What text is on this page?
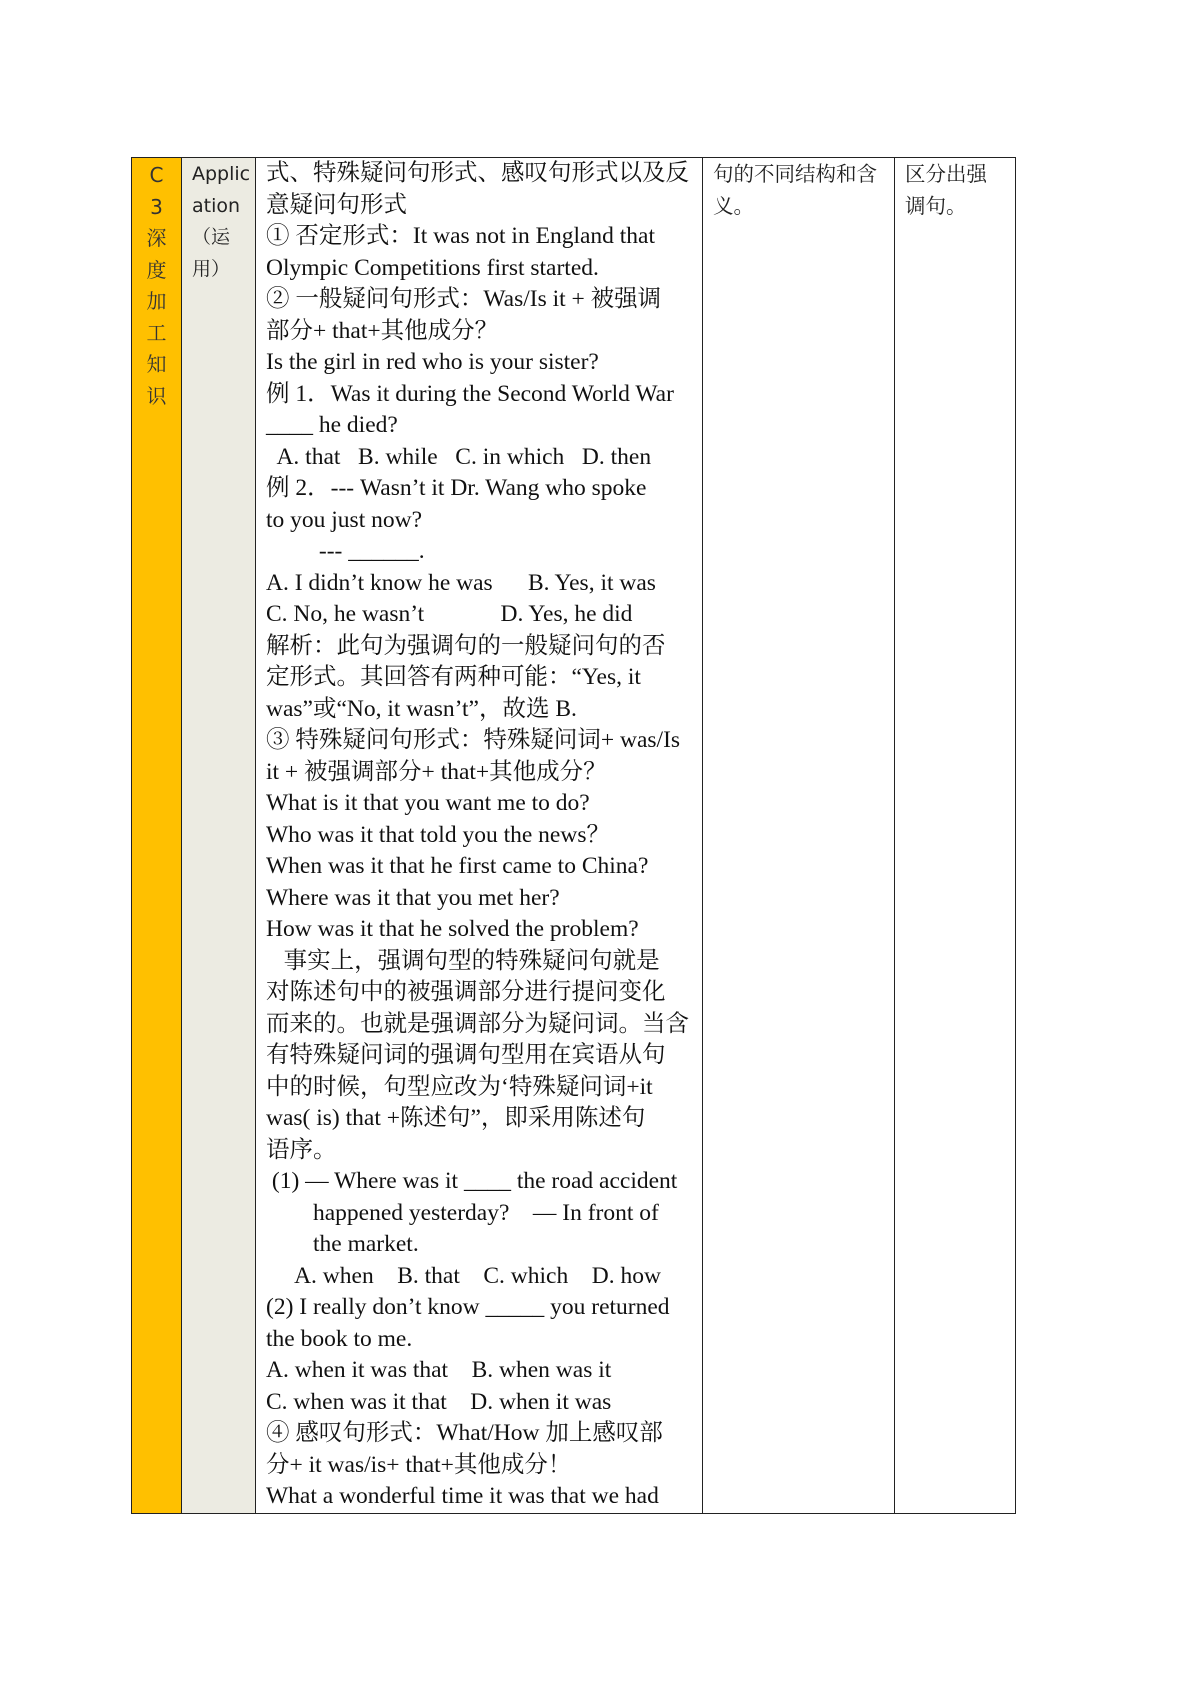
C
3
深
度
加
工
知
识

Applic
ation
（运
用）

式、特殊疑问句形式、感叹句形式以及反
意疑问句形式
① 否定形式：It was not in England that
Olympic Competitions first started.
② 一般疑问句形式：Was/Is it + 被强调
部分+ that+其他成分？
Is the girl in red who is your sister?
例 1．Was it during the Second World War
____ he died?
A. that   B. while   C. in which   D. then
例 2．--- Wasn’t it Dr. Wang who spoke
to you just now?
--- ______.
A. I didn’t know he was      B. Yes, it was
C. No, he wasn’t             D. Yes, he did
解析：此句为强调句的一般疑问句的否
定形式。其回答有两种可能：“Yes, it
was”或“No, it wasn’t”，故选 B.
③ 特殊疑问句形式：特殊疑问词+ was/Is
it + 被强调部分+ that+其他成分？
What is it that you want me to do?
Who was it that told you the news？
When was it that he first came to China?
Where was it that you met her?
How was it that he solved the problem?
事实上，强调句型的特殊疑问句就是
对陈述句中的被强调部分进行提问变化
而来的。也就是强调部分为疑问词。当含
有特殊疑问词的强调句型用在宾语从句
中的时候，句型应改为‘特殊疑问词+it
was( is) that +陈述句”，即采用陈述句
语序。
(1) — Where was it ____ the road accident
happened yesterday?    — In front of
the market.
A. when    B. that    C. which    D. how
(2) I really don’t know _____ you returned
the book to me.
A. when it was that    B. when was it
C. when was it that    D. when it was
④ 感叹句形式：What/How 加上感叹部
分+ it was/is+ that+其他成分！
What a wonderful time it was that we had

句的不同结构和含
义。

区分出强
调句。
